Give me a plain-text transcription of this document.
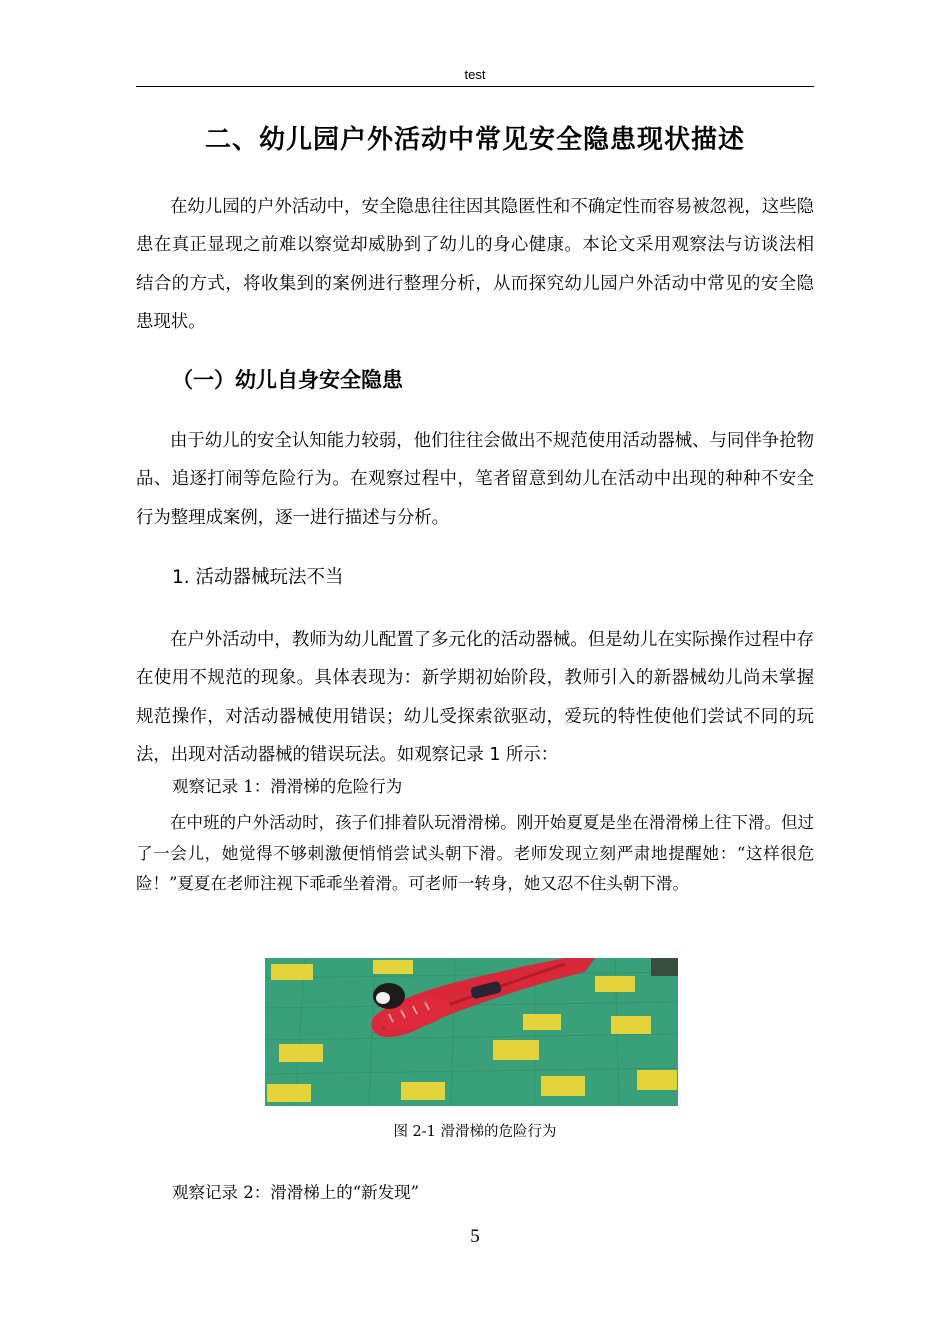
test
二、幼儿园户外活动中常见安全隐患现状描述
在幼儿园的户外活动中，安全隐患往往因其隐匿性和不确定性而容易被忽视，这些隐患在真正显现之前难以察觉却威胁到了幼儿的身心健康。本论文采用观察法与访谈法相结合的方式，将收集到的案例进行整理分析，从而探究幼儿园户外活动中常见的安全隐患现状。
（一）幼儿自身安全隐患
由于幼儿的安全认知能力较弱，他们往往会做出不规范使用活动器械、与同伴争抢物品、追逐打闹等危险行为。在观察过程中，笔者留意到幼儿在活动中出现的种种不安全行为整理成案例，逐一进行描述与分析。
1. 活动器械玩法不当
在户外活动中，教师为幼儿配置了多元化的活动器械。但是幼儿在实际操作过程中存在使用不规范的现象。具体表现为：新学期初始阶段，教师引入的新器械幼儿尚未掌握规范操作，对活动器械使用错误；幼儿受探索欲驱动，爱玩的特性使他们尝试不同的玩法，出现对活动器械的错误玩法。如观察记录 1 所示：
观察记录 1：滑滑梯的危险行为
在中班的户外活动时，孩子们排着队玩滑滑梯。刚开始夏夏是坐在滑滑梯上往下滑。但过了一会儿，她觉得不够刺激便悄悄尝试头朝下滑。老师发现立刻严肃地提醒她：“这样很危险！”夏夏在老师注视下乖乖坐着滑。可老师一转身，她又忍不住头朝下滑。
图 2-1 滑滑梯的危险行为
观察记录 2：滑滑梯上的“新发现”
5
